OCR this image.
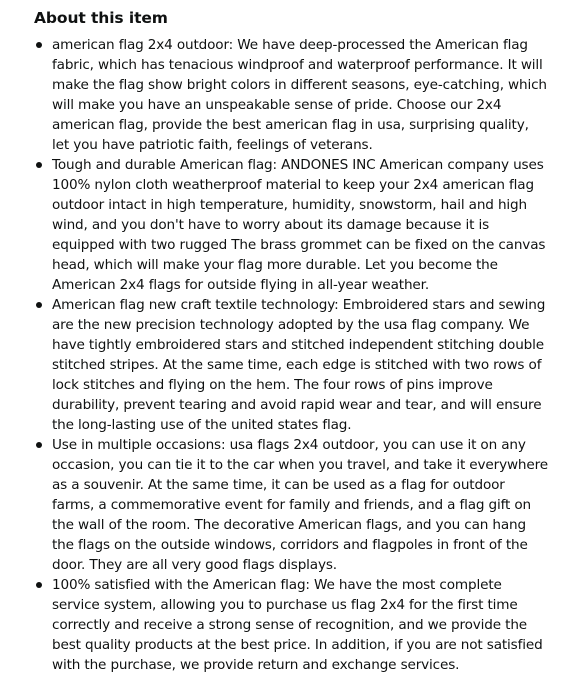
About this item
american flag 2x4 outdoor: We have deep-processed the American flag fabric, which has tenacious windproof and waterproof performance. It will make the flag show bright colors in different seasons, eye-catching, which will make you have an unspeakable sense of pride. Choose our 2x4 american flag, provide the best american flag in usa, surprising quality, let you have patriotic faith, feelings of veterans.
Tough and durable American flag: ANDONES INC American company uses 100% nylon cloth weatherproof material to keep your 2x4 american flag outdoor intact in high temperature, humidity, snowstorm, hail and high wind, and you don't have to worry about its damage because it is equipped with two rugged The brass grommet can be fixed on the canvas head, which will make your flag more durable. Let you become the American 2x4 flags for outside flying in all-year weather.
American flag new craft textile technology: Embroidered stars and sewing are the new precision technology adopted by the usa flag company. We have tightly embroidered stars and stitched independent stitching double stitched stripes. At the same time, each edge is stitched with two rows of lock stitches and flying on the hem. The four rows of pins improve durability, prevent tearing and avoid rapid wear and tear, and will ensure the long-lasting use of the united states flag.
Use in multiple occasions: usa flags 2x4 outdoor, you can use it on any occasion, you can tie it to the car when you travel, and take it everywhere as a souvenir. At the same time, it can be used as a flag for outdoor farms, a commemorative event for family and friends, and a flag gift on the wall of the room. The decorative American flags, and you can hang the flags on the outside windows, corridors and flagpoles in front of the door. They are all very good flags displays.
100% satisfied with the American flag: We have the most complete service system, allowing you to purchase us flag 2x4 for the first time correctly and receive a strong sense of recognition, and we provide the best quality products at the best price. In addition, if you are not satisfied with the purchase, we provide return and exchange services.
